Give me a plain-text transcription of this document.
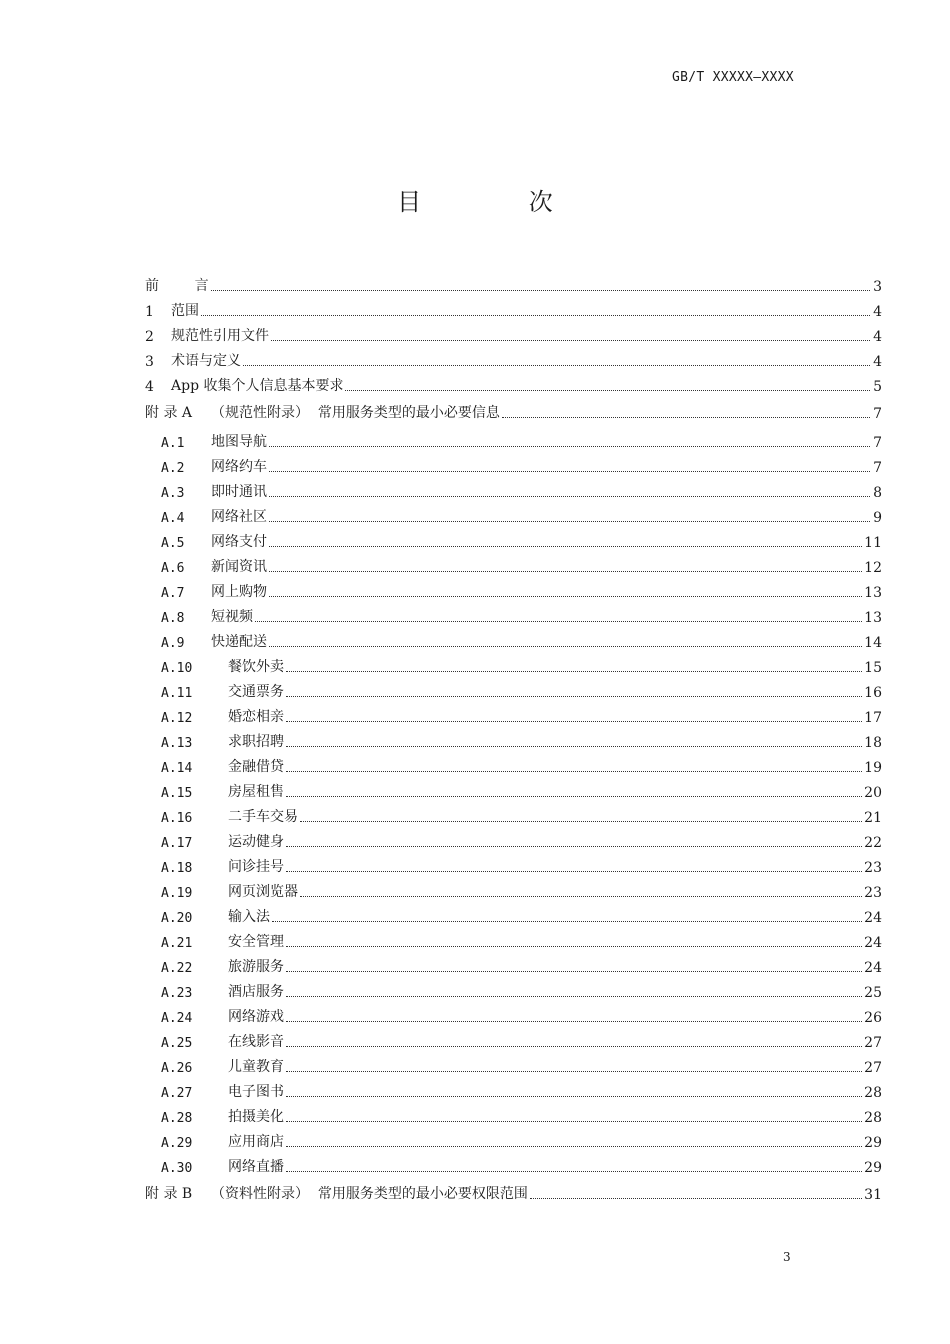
GB/T XXXXX—XXXX
目 次
前        言	3
1	范围	4
2	规范性引用文件	4
3	术语与定义	4
4	App 收集个人信息基本要求	5
附 录 A	（规范性附录）  常用服务类型的最小必要信息	7
A.1	地图导航	7
A.2	网络约车	7
A.3	即时通讯	8
A.4	网络社区	9
A.5	网络支付	11
A.6	新闻资讯	12
A.7	网上购物	13
A.8	短视频	13
A.9	快递配送	14
A.10	餐饮外卖	15
A.11	交通票务	16
A.12	婚恋相亲	17
A.13	求职招聘	18
A.14	金融借贷	19
A.15	房屋租售	20
A.16	二手车交易	21
A.17	运动健身	22
A.18	问诊挂号	23
A.19	网页浏览器	23
A.20	输入法	24
A.21	安全管理	24
A.22	旅游服务	24
A.23	酒店服务	25
A.24	网络游戏	26
A.25	在线影音	27
A.26	儿童教育	27
A.27	电子图书	28
A.28	拍摄美化	28
A.29	应用商店	29
A.30	网络直播	29
附 录 B	（资料性附录）  常用服务类型的最小必要权限范围	31
3
